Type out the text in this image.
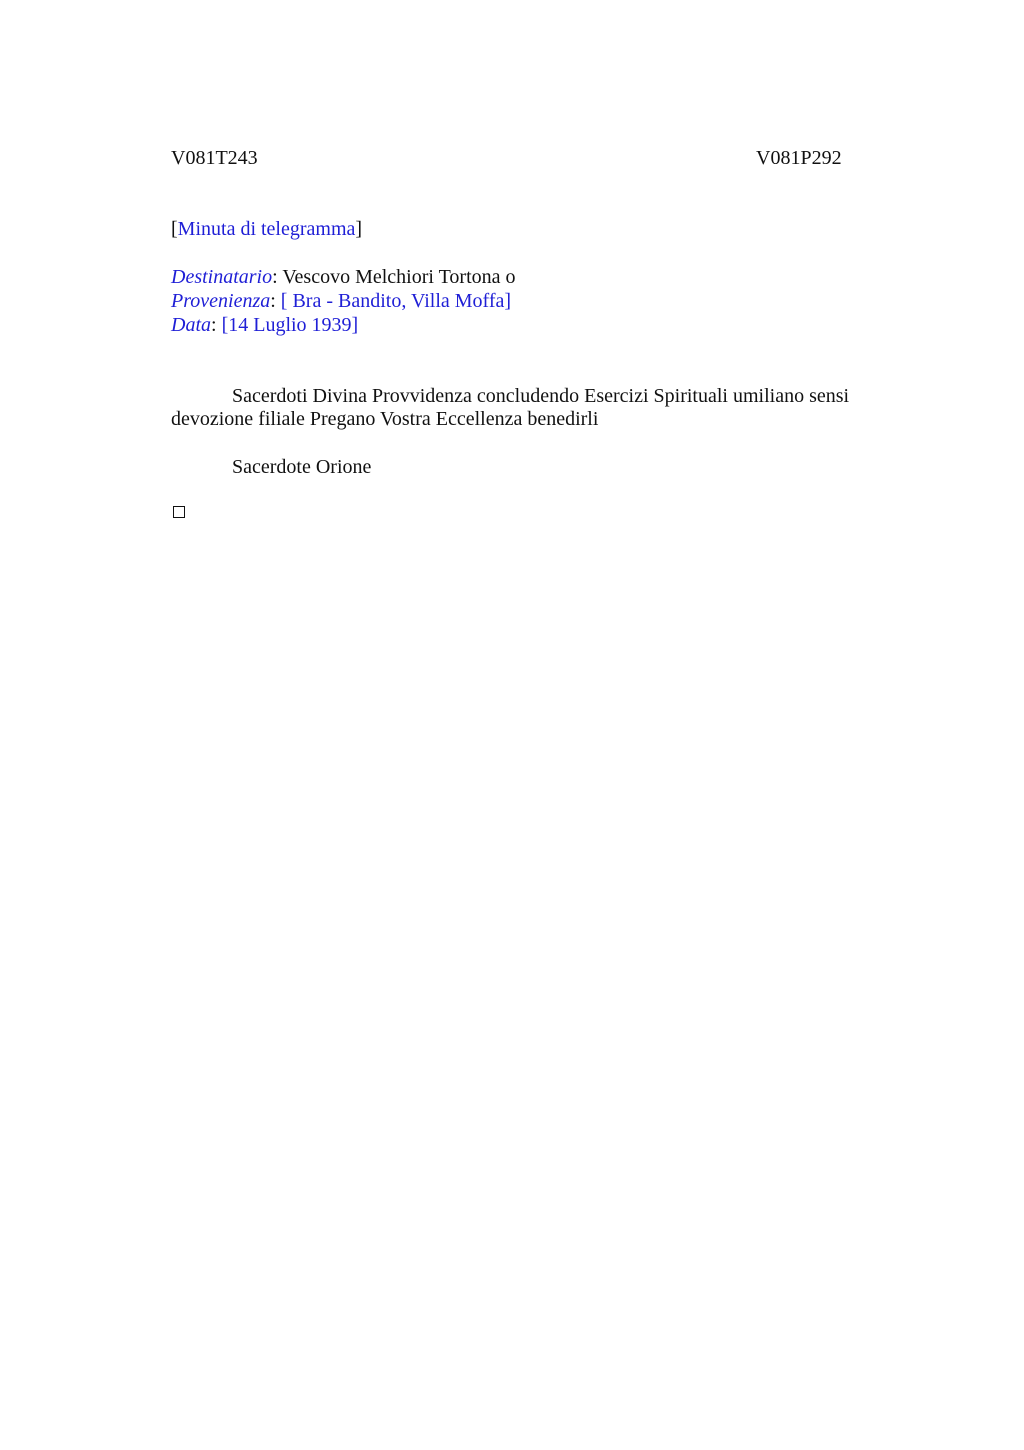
V081T243	V081P292
[Minuta di telegramma]
Destinatario: Vescovo Melchiori Tortona o
Provenienza: [ Bra - Bandito, Villa Moffa]
Data: [14 Luglio 1939]
Sacerdoti Divina Provvidenza concludendo Esercizi Spirituali umiliano sensi
devozione filiale Pregano Vostra Eccellenza benedirli
Sacerdote Orione
